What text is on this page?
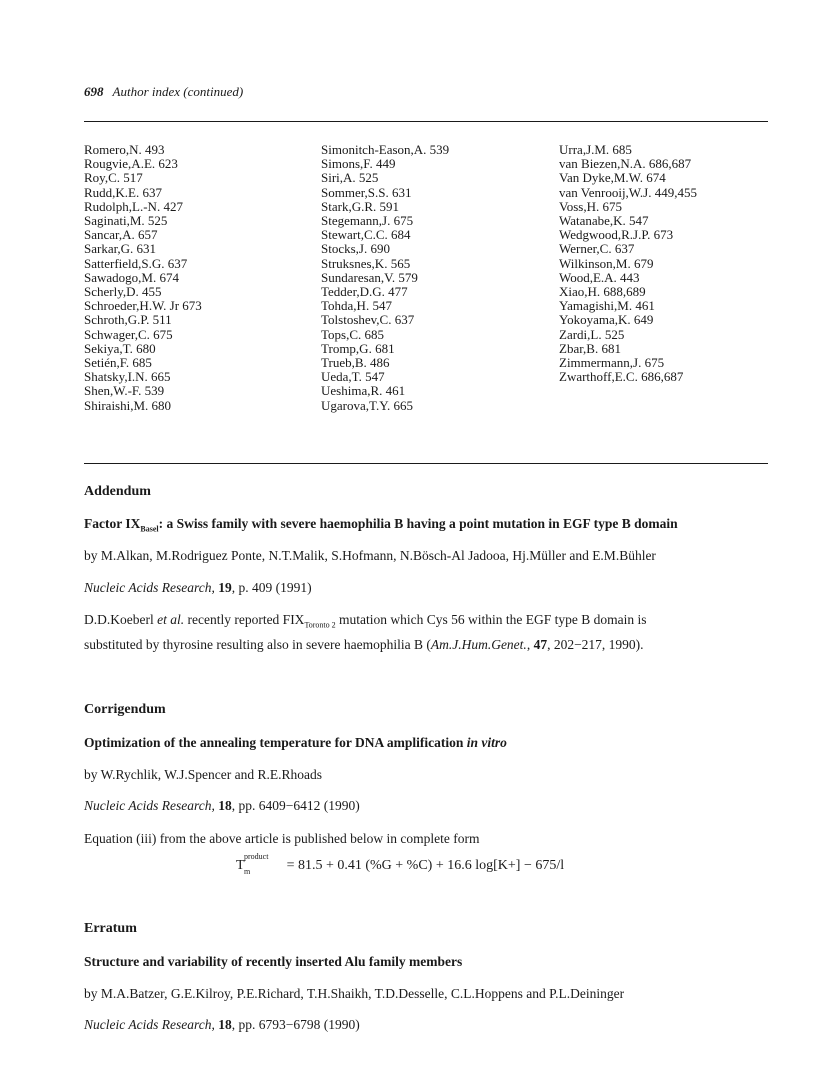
698 Author index (continued)
Romero,N. 493
Rougvie,A.E. 623
Roy,C. 517
Rudd,K.E. 637
Rudolph,L.-N. 427
Saginati,M. 525
Sancar,A. 657
Sarkar,G. 631
Satterfield,S.G. 637
Sawadogo,M. 674
Scherly,D. 455
Schroeder,H.W. Jr 673
Schroth,G.P. 511
Schwager,C. 675
Sekiya,T. 680
Setién,F. 685
Shatsky,I.N. 665
Shen,W.-F. 539
Shiraishi,M. 680
Simonitch-Eason,A. 539
Simons,F. 449
Siri,A. 525
Sommer,S.S. 631
Stark,G.R. 591
Stegemann,J. 675
Stewart,C.C. 684
Stocks,J. 690
Struksnes,K. 565
Sundaresan,V. 579
Tedder,D.G. 477
Tohda,H. 547
Tolstoshev,C. 637
Tops,C. 685
Tromp,G. 681
Trueb,B. 486
Ueda,T. 547
Ueshima,R. 461
Ugarova,T.Y. 665
Urra,J.M. 685
van Biezen,N.A. 686,687
Van Dyke,M.W. 674
van Venrooij,W.J. 449,455
Voss,H. 675
Watanabe,K. 547
Wedgwood,R.J.P. 673
Werner,C. 637
Wilkinson,M. 679
Wood,E.A. 443
Xiao,H. 688,689
Yamagishi,M. 461
Yokoyama,K. 649
Zardi,L. 525
Zbar,B. 681
Zimmermann,J. 675
Zwarthoff,E.C. 686,687
Addendum
Factor $IX_{Basel}$: a Swiss family with severe haemophilia B having a point mutation in EGF type B domain
by M.Alkan, M.Rodriguez Ponte, N.T.Malik, S.Hofmann, N.Bösch-Al Jadooa, Hj.Müller and E.M.Bühler
Nucleic Acids Research, 19, p. 409 (1991)
D.D.Koeberl et al. recently reported $FIX_{Toronto 2}$ mutation which Cys 56 within the EGF type B domain is
substituted by thyrosine resulting also in severe haemophilia B (Am.J.Hum.Genet., 47, 202−217, 1990).
Corrigendum
Optimization of the annealing temperature for DNA amplification in vitro
by W.Rychlik, W.J.Spencer and R.E.Rhoads
Nucleic Acids Research, 18, pp. 6409−6412 (1990)
Equation (iii) from the above article is published below in complete form
T
product
m	= 81.5 + 0.41 (%G + %C) + 16.6 log[K+] − 675/l
Erratum
Structure and variability of recently inserted Alu family members
by M.A.Batzer, G.E.Kilroy, P.E.Richard, T.H.Shaikh, T.D.Desselle, C.L.Hoppens and P.L.Deininger
Nucleic Acids Research, 18, pp. 6793−6798 (1990)
